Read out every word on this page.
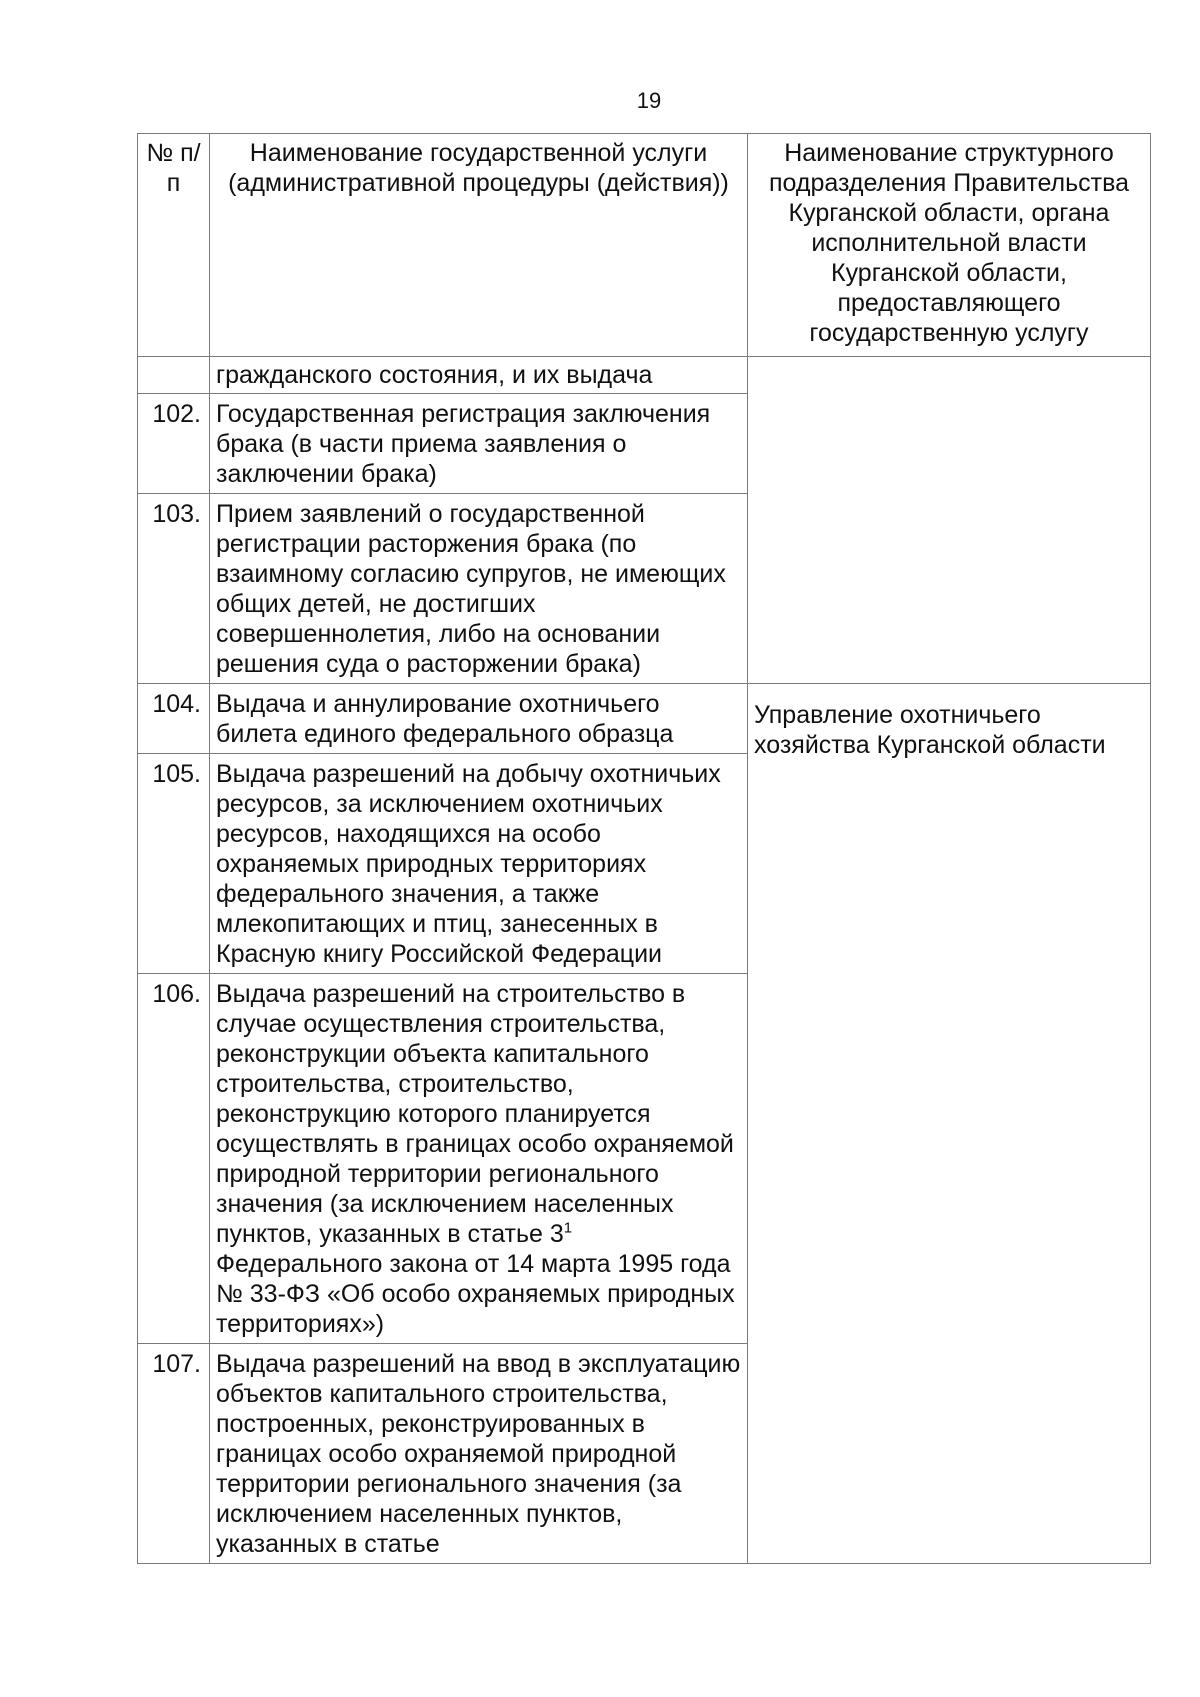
19
№ п/п	Наименование государственной услуги (административной процедуры (действия))	Наименование структурного подразделения Правительства Курганской области, органа исполнительной власти Курганской области, предоставляющего государственную услугу
	гражданского состояния, и их выдача	
102.	Государственная регистрация заключения брака (в части приема заявления о заключении брака)	
103.	Прием заявлений о государственной регистрации расторжения брака (по взаимному согласию супругов, не имеющих общих детей, не достигших совершеннолетия, либо на основании решения суда о расторжении брака)	
104.	Выдача и аннулирование охотничьего билета единого федерального образца	Управление охотничьего хозяйства Курганской области
105.	Выдача разрешений на добычу охотничьих ресурсов, за исключением охотничьих ресурсов, находящихся на особо охраняемых природных территориях федерального значения, а также млекопитающих и птиц, занесенных в Красную книгу Российской Федерации	
106.	Выдача разрешений на строительство в случае осуществления строительства, реконструкции объекта капитального строительства, строительство, реконструкцию которого планируется осуществлять в границах особо охраняемой природной территории регионального значения (за исключением населенных пунктов, указанных в статье $3^1$ Федерального закона от 14 марта 1995 года № 33-ФЗ «Об особо охраняемых природных территориях»)	
107.	Выдача разрешений на ввод в эксплуатацию объектов капитального строительства, построенных, реконструированных в границах особо охраняемой природной территории регионального значения (за исключением населенных пунктов, указанных в статье	
